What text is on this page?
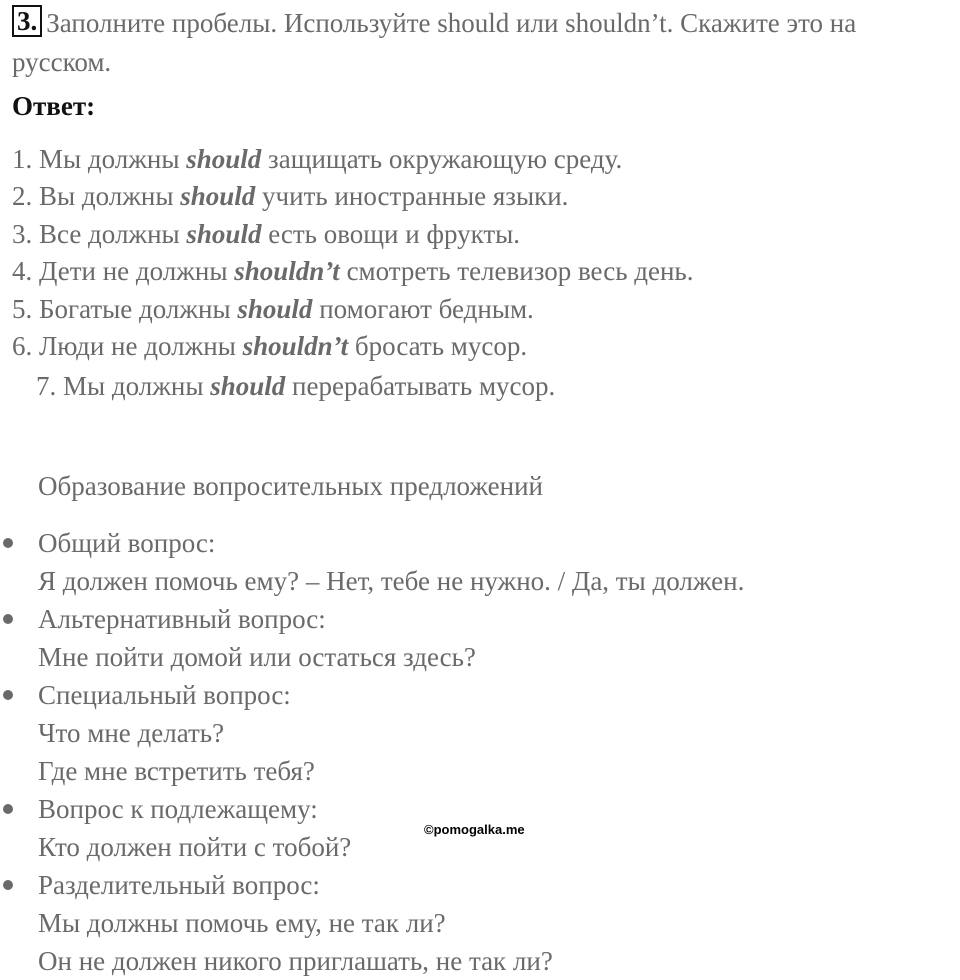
3. Заполните пробелы. Используйте should или shouldn’t. Скажите это на русском.
Ответ:
1. Мы должны should защищать окружающую среду.
2. Вы должны should учить иностранные языки.
3. Все должны should есть овощи и фрукты.
4. Дети не должны shouldn’t смотреть телевизор весь день.
5. Богатые должны should помогают бедным.
6. Люди не должны shouldn’t бросать мусор.
7. Мы должны should перерабатывать мусор.
Образование вопросительных предложений
Общий вопрос:
Я должен помочь ему? – Нет, тебе не нужно. / Да, ты должен.
Альтернативный вопрос:
Мне пойти домой или остаться здесь?
Специальный вопрос:
Что мне делать?
Где мне встретить тебя?
Вопрос к подлежащему:
Кто должен пойти с тобой?
Разделительный вопрос:
Мы должны помочь ему, не так ли?
Он не должен никого приглашать, не так ли?
©pomogalka.me
